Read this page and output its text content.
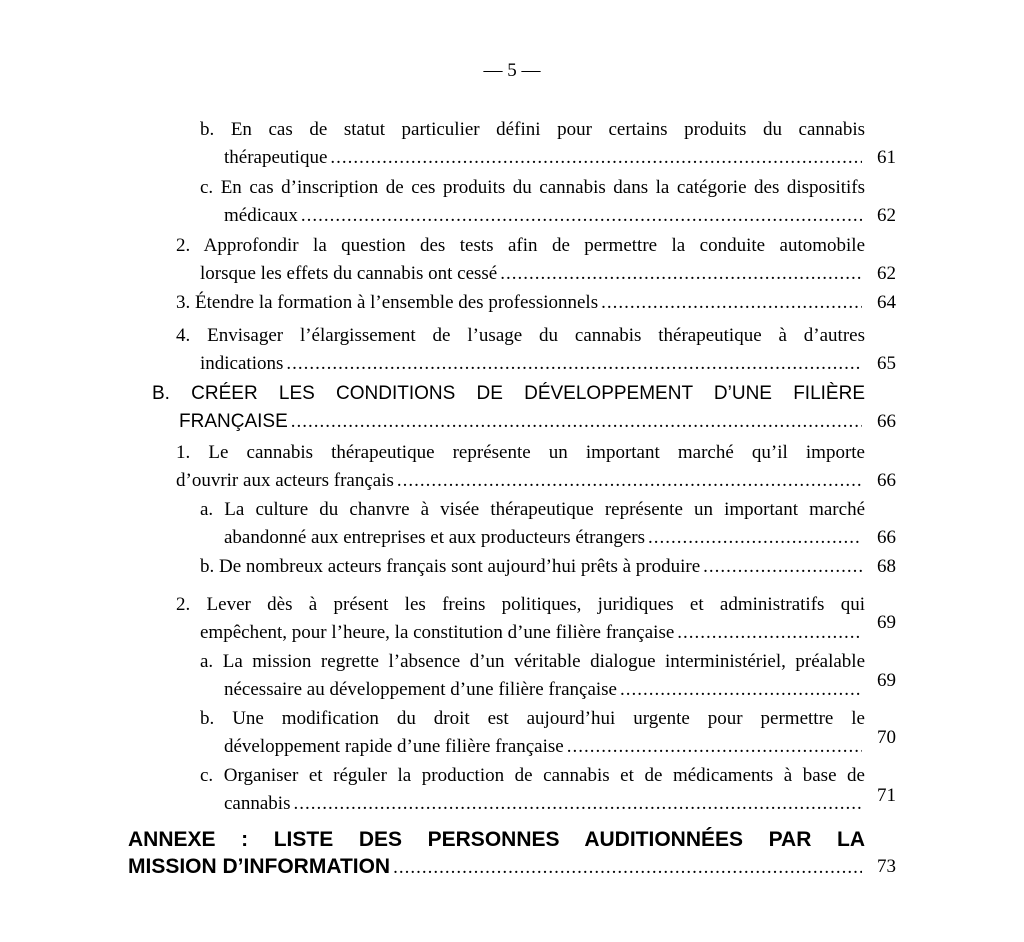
— 5 —
b. En cas de statut particulier défini pour certains produits du cannabis
thérapeutique .....	61
c. En cas d’inscription de ces produits du cannabis dans la catégorie des dispositifs
médicaux .....	62
2. Approfondir la question des tests afin de permettre la conduite automobile
lorsque les effets du cannabis ont cessé .....	62
3. Étendre la formation à l’ensemble des professionnels .....	64
4. Envisager l’élargissement de l’usage du cannabis thérapeutique à d’autres
indications .....	65
B. CRÉER LES CONDITIONS DE DÉVELOPPEMENT D’UNE FILIÈRE
FRANÇAISE .....	66
1. Le cannabis thérapeutique représente un important marché qu’il importe
d’ouvrir aux acteurs français .....	66
a. La culture du chanvre à visée thérapeutique représente un important marché
abandonné aux entreprises et aux producteurs étrangers .....	66
b. De nombreux acteurs français sont aujourd’hui prêts à produire .....	68
2. Lever dès à présent les freins politiques, juridiques et administratifs qui
empêchent, pour l’heure, la constitution d’une filière française .....	69
a. La mission regrette l’absence d’un véritable dialogue interministériel, préalable
nécessaire au développement d’une filière française .....	69
b. Une modification du droit est aujourd’hui urgente pour permettre le
développement rapide d’une filière française .....	70
c. Organiser et réguler la production de cannabis et de médicaments à base de
cannabis .....	71
ANNEXE : LISTE DES PERSONNES AUDITIONNÉES PAR LA
MISSION D’INFORMATION .....	73
